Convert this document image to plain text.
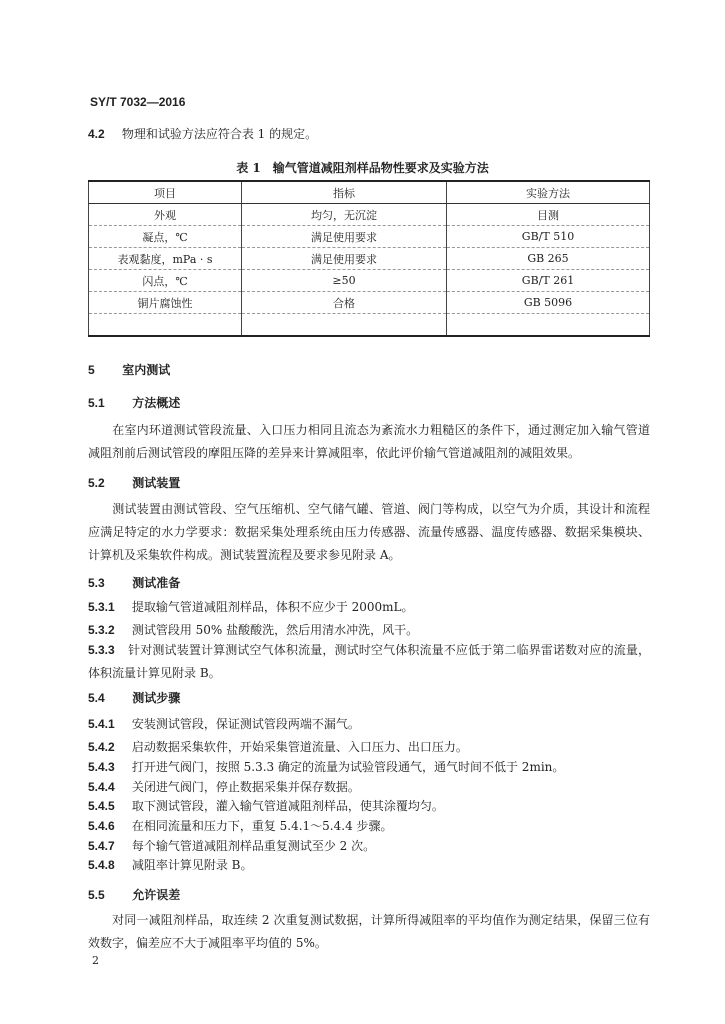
SY/T 7032—2016
4.2 物理和试验方法应符合表 1 的规定。
表 1　输气管道减阻剂样品物性要求及实验方法
项目	指标	实验方法
外观	均匀，无沉淀	目测
凝点，℃	满足使用要求	GB/T 510
表观黏度，mPa · s	满足使用要求	GB 265
闪点，℃	≥50	GB/T 261
铜片腐蚀性	合格	GB 5096

5 室内测试
5.1 方法概述
在室内环道测试管段流量、入口压力相同且流态为紊流水力粗糙区的条件下，通过测定加入输气管道减阻剂前后测试管段的摩阻压降的差异来计算减阻率，依此评价输气管道减阻剂的减阻效果。
5.2 测试装置
测试装置由测试管段、空气压缩机、空气储气罐、管道、阀门等构成，以空气为介质，其设计和流程应满足特定的水力学要求：数据采集处理系统由压力传感器、流量传感器、温度传感器、数据采集模块、计算机及采集软件构成。测试装置流程及要求参见附录 A。
5.3 测试准备
5.3.1 提取输气管道减阻剂样品，体积不应少于 2000mL。
5.3.2 测试管段用 50% 盐酸酸洗，然后用清水冲洗，风干。
5.3.3 针对测试装置计算测试空气体积流量，测试时空气体积流量不应低于第二临界雷诺数对应的流量，体积流量计算见附录 B。
5.4 测试步骤
5.4.1 安装测试管段，保证测试管段两端不漏气。
5.4.2 启动数据采集软件，开始采集管道流量、入口压力、出口压力。
5.4.3 打开进气阀门，按照 5.3.3 确定的流量为试验管段通气，通气时间不低于 2min。
5.4.4 关闭进气阀门，停止数据采集并保存数据。
5.4.5 取下测试管段，灌入输气管道减阻剂样品，使其涂覆均匀。
5.4.6 在相同流量和压力下，重复 5.4.1～5.4.4 步骤。
5.4.7 每个输气管道减阻剂样品重复测试至少 2 次。
5.4.8 减阻率计算见附录 B。
5.5 允许误差
对同一减阻剂样品，取连续 2 次重复测试数据，计算所得减阻率的平均值作为测定结果，保留三位有效数字，偏差应不大于减阻率平均值的 5%。
2
